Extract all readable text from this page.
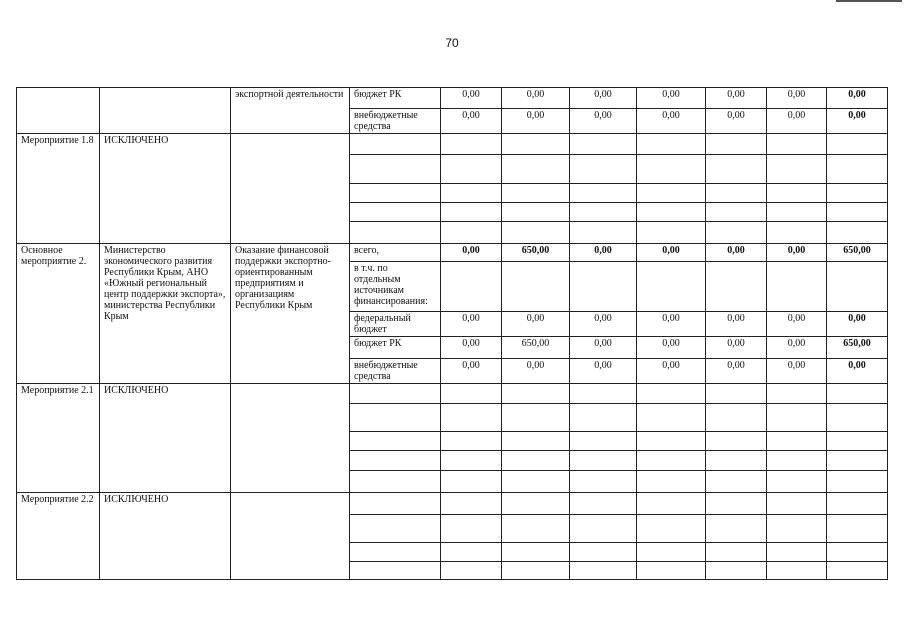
70
		экспортной деятельности	бюджет РК	0,00	0,00	0,00	0,00	0,00	0,00	0,00
			внебюджетные средства	0,00	0,00	0,00	0,00	0,00	0,00	0,00
Мероприятие 1.8	ИСКЛЮЧЕНО									

Основное мероприятие 2.	Министерство экономического развития Республики Крым, АНО «Южный региональный центр поддержки экспорта», министерства Республики Крым	Оказание финансовой поддержки экспортно-ориентированным предприятиям и организациям Республики Крым	всего,	0,00	650,00	0,00	0,00	0,00	0,00	650,00
			в т.ч. по отдельным источникам финансирования:							
			федеральный бюджет	0,00	0,00	0,00	0,00	0,00	0,00	0,00
			бюджет РК	0,00	650,00	0,00	0,00	0,00	0,00	650,00
			внебюджетные средства	0,00	0,00	0,00	0,00	0,00	0,00	0,00
Мероприятие 2.1	ИСКЛЮЧЕНО									

Мероприятие 2.2	ИСКЛЮЧЕНО									
